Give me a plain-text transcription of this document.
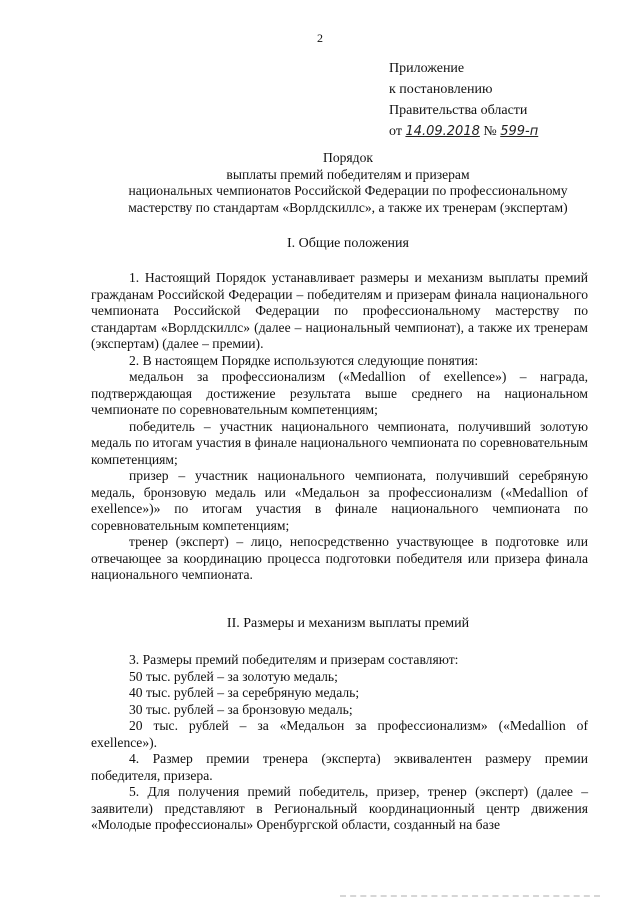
2
Приложение
к постановлению
Правительства области
от 14.09.2018 № 599-п
Порядок
выплаты премий победителям и призерам
национальных чемпионатов Российской Федерации по профессиональному
мастерству по стандартам «Ворлдскиллс», а также их тренерам (экспертам)
I. Общие положения

1. Настоящий Порядок устанавливает размеры и механизм выплаты премий гражданам Российской Федерации – победителям и призерам финала национального чемпионата Российской Федерации по профессиональному мастерству по стандартам «Ворлдскиллс» (далее – национальный чемпионат), а также их тренерам (экспертам) (далее – премии).

2. В настоящем Порядке используются следующие понятия:

медальон за профессионализм («Medallion of exellence») – награда, подтверждающая достижение результата выше среднего на национальном чемпионате по соревновательным компетенциям;

победитель – участник национального чемпионата, получивший золотую медаль по итогам участия в финале национального чемпионата по соревновательным компетенциям;

призер – участник национального чемпионата, получивший серебряную медаль, бронзовую медаль или «Медальон за профессионализм («Medallion of exellence»)» по итогам участия в финале национального чемпионата по соревновательным компетенциям;

тренер (эксперт) – лицо, непосредственно участвующее в подготовке или отвечающее за координацию процесса подготовки победителя или призера финала национального чемпионата.

II. Размеры и механизм выплаты премий

3. Размеры премий победителям и призерам составляют:

50 тыс. рублей – за золотую медаль;

40 тыс. рублей – за серебряную медаль;

30 тыс. рублей – за бронзовую медаль;

20 тыс. рублей – за «Медальон за профессионализм» («Medallion of exellence»).

4. Размер премии тренера (эксперта) эквивалентен размеру премии победителя, призера.

5. Для получения премий победитель, призер, тренер (эксперт) (далее – заявители) представляют в Региональный координационный центр движения «Молодые профессионалы» Оренбургской области, созданный на базе
